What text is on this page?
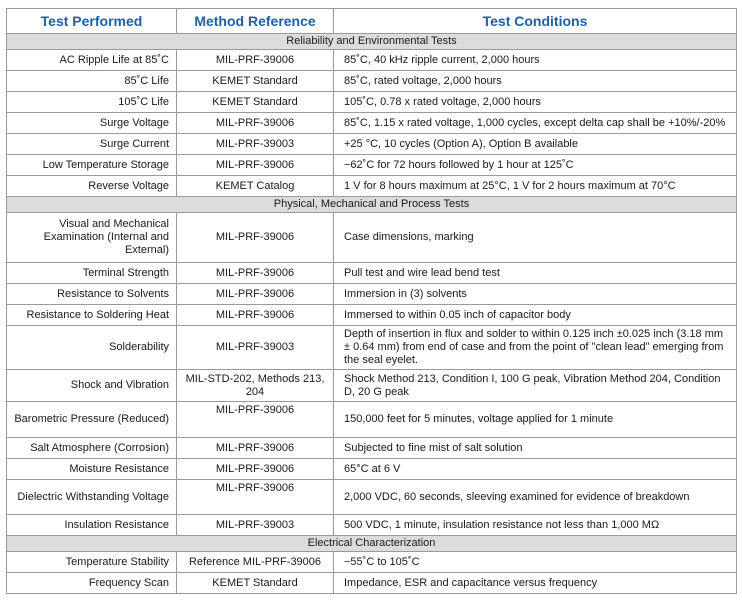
Test Performed	Method Reference	Test Conditions
Reliability and Environmental Tests		
AC Ripple Life at 85˚C	MIL-PRF-39006	85˚C, 40 kHz ripple current, 2,000 hours
85˚C Life	KEMET Standard	85˚C, rated voltage, 2,000 hours
105˚C Life	KEMET Standard	105˚C, 0.78 x rated voltage, 2,000 hours
Surge Voltage	MIL-PRF-39006	85˚C, 1.15 x rated voltage, 1,000 cycles, except delta cap shall be +10%/-20%
Surge Current	MIL-PRF-39003	+25 °C, 10 cycles (Option A), Option B available
Low Temperature Storage	MIL-PRF-39006	−62˚C for 72 hours followed by 1 hour at 125˚C
Reverse Voltage	KEMET Catalog	1 V for 8 hours maximum at 25°C, 1 V for 2 hours maximum at 70°C
Physical, Mechanical and Process Tests		
Visual and Mechanical Examination (Internal and External)	MIL-PRF-39006	Case dimensions, marking
Terminal Strength	MIL-PRF-39006	Pull test and wire lead bend test
Resistance to Solvents	MIL-PRF-39006	Immersion in (3) solvents
Resistance to Soldering Heat	MIL-PRF-39006	Immersed to within 0.05 inch of capacitor body
Solderability	MIL-PRF-39003	Depth of insertion in flux and solder to within 0.125 inch ±0.025 inch (3.18 mm ± 0.64 mm) from end of case and from the point of "clean lead" emerging from the seal eyelet.
Shock and Vibration	MIL-STD-202, Methods 213, 204	Shock Method 213, Condition I, 100 G peak, Vibration Method 204, Condition D, 20 G peak
Barometric Pressure (Reduced)	MIL-PRF-39006	150,000 feet for 5 minutes, voltage applied for 1 minute
Salt Atmosphere (Corrosion)	MIL-PRF-39006	Subjected to fine mist of salt solution
Moisture Resistance	MIL-PRF-39006	65°C at 6 V
Dielectric Withstanding Voltage	MIL-PRF-39006	2,000 VDC, 60 seconds, sleeving examined for evidence of breakdown
Insulation Resistance	MIL-PRF-39003	500 VDC, 1 minute, insulation resistance not less than 1,000 MΩ
Electrical Characterization		
Temperature Stability	Reference MIL-PRF-39006	−55˚C to 105˚C
Frequency Scan	KEMET Standard	Impedance, ESR and capacitance versus frequency
